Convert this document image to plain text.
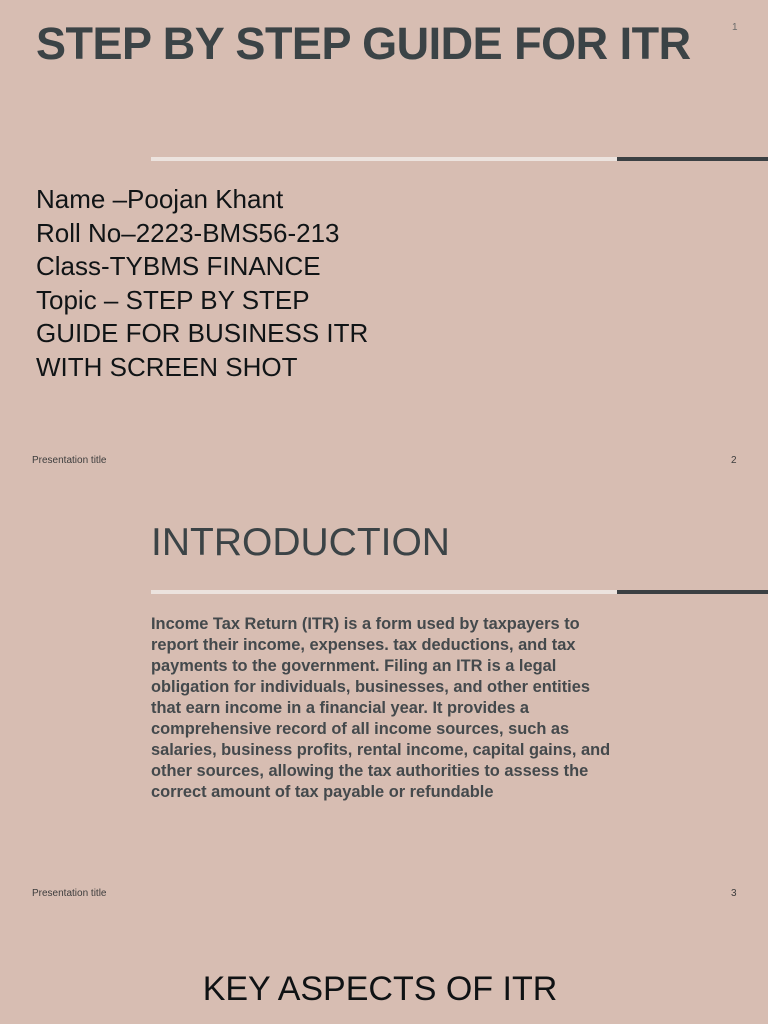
STEP BY STEP GUIDE FOR ITR	1
Name –Poojan Khant
Roll No–2223-BMS56-213
Class-TYBMS FINANCE
Topic – STEP BY STEP
GUIDE FOR BUSINESS ITR
WITH SCREEN SHOT
Presentation title	2
INTRODUCTION
Income Tax Return (ITR) is a form used by taxpayers to report their income, expenses. tax deductions, and tax payments to the government. Filing an ITR is a legal obligation for individuals, businesses, and other entities that earn income in a financial year. It provides a comprehensive record of all income sources, such as salaries, business profits, rental income, capital gains, and other sources, allowing the tax authorities to assess the correct amount of tax payable or refundable
Presentation title	3
KEY ASPECTS OF ITR
